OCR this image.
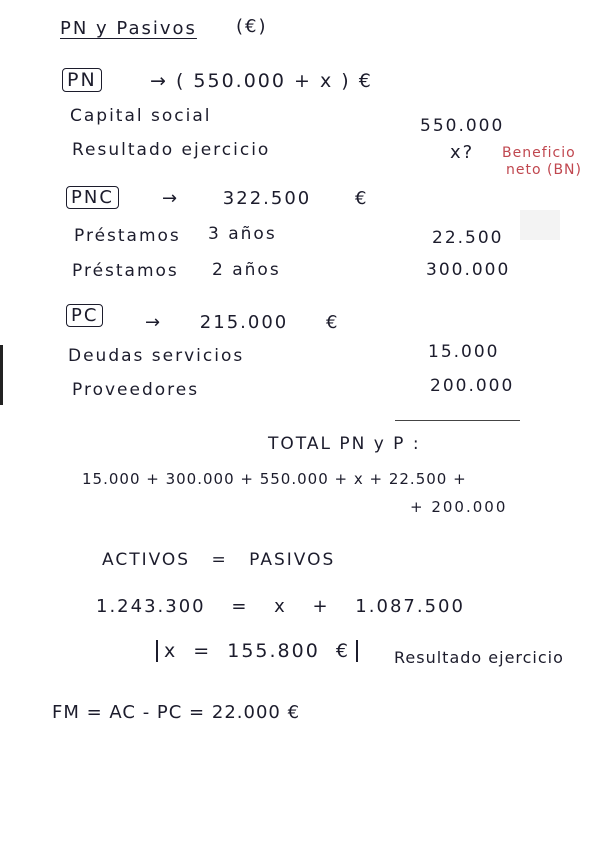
PN y Pasivos (€)
PN	→ ( 550.000 + x ) €
Capital social	550.000
Resultado ejercicio	x? Beneficio
neto (BN)
PNC	→ 322.500 €
Préstamos 3 años	22.500
Préstamos 2 años	300.000
PC	→ 215.000 €
Deudas servicios	15.000
Proveedores	200.000
TOTAL PN y P :
15.000 + 300.000 + 550.000 + x + 22.500 +
+ 200.000
ACTIVOS = PASIVOS
1.243.300 = x + 1.087.500
x = 155.800 €	Resultado ejercicio
FM = AC - PC = 22.000 €
